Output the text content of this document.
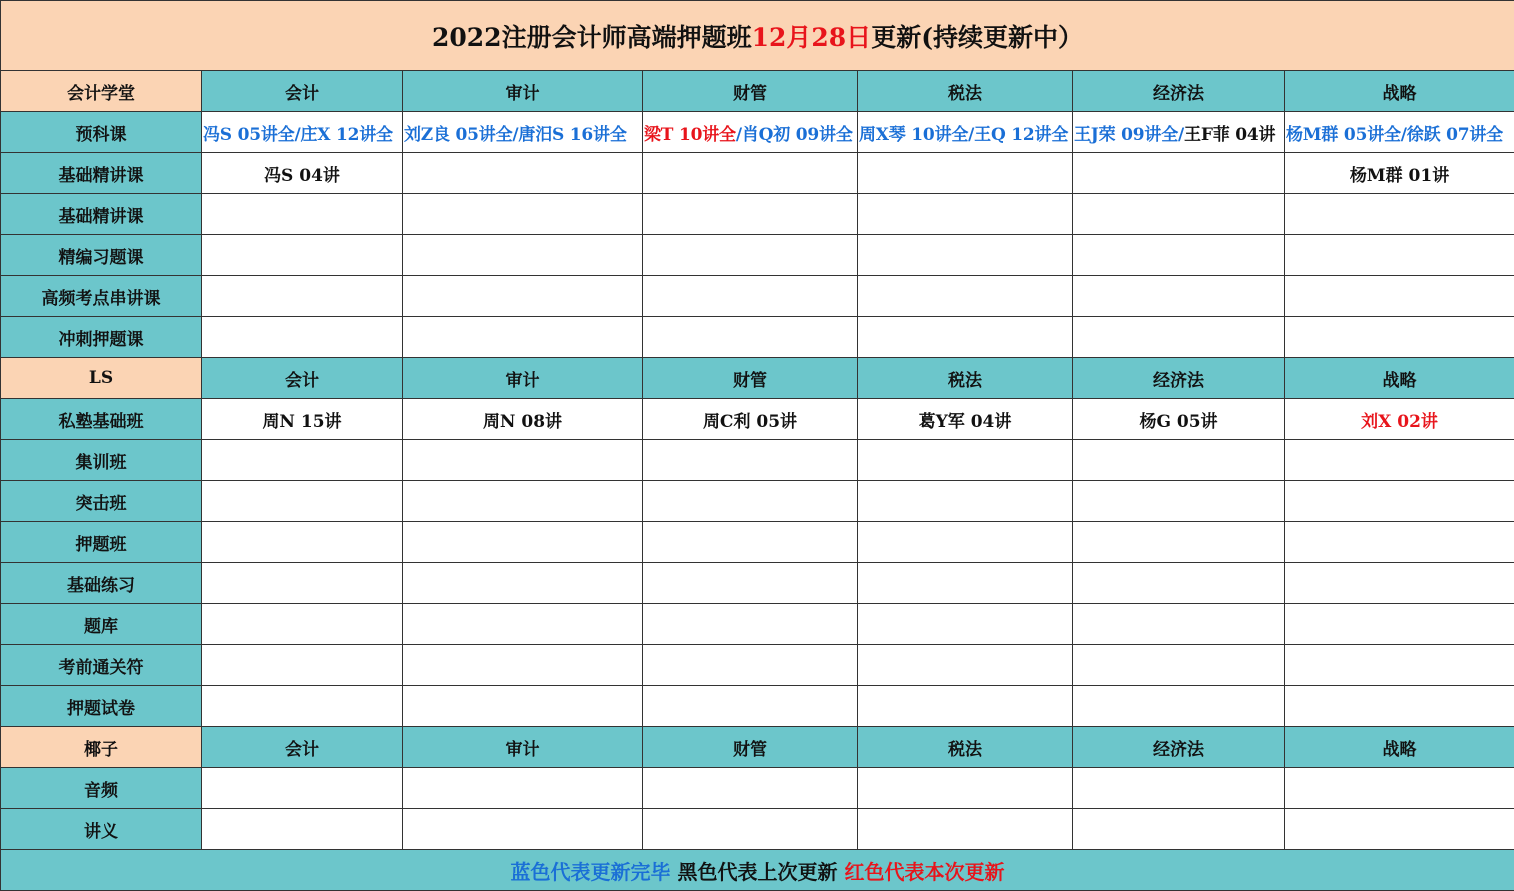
2022注册会计师高端押题班12月28日更新(持续更新中）						
会计学堂	会计	审计	财管	税法	经济法	战略
预科课	冯S 05讲全/庄X 12讲全	刘Z良 05讲全/唐汨S 16讲全	梁T 10讲全/肖Q初 09讲全	周X琴 10讲全/王Q 12讲全	王J荣 09讲全/王F菲 04讲	杨M群 05讲全/徐跃 07讲全
基础精讲课	冯S 04讲					杨M群 01讲
基础精讲课						
精编习题课						
高频考点串讲课						
冲刺押题课						
LS	会计	审计	财管	税法	经济法	战略
私塾基础班	周N 15讲	周N 08讲	周C利 05讲	葛Y军 04讲	杨G 05讲	刘X 02讲
集训班						
突击班						
押题班						
基础练习						
题库						
考前通关符						
押题试卷						
椰子	会计	审计	财管	税法	经济法	战略
音频						
讲义						
蓝色代表更新完毕 黑色代表上次更新 红色代表本次更新						
